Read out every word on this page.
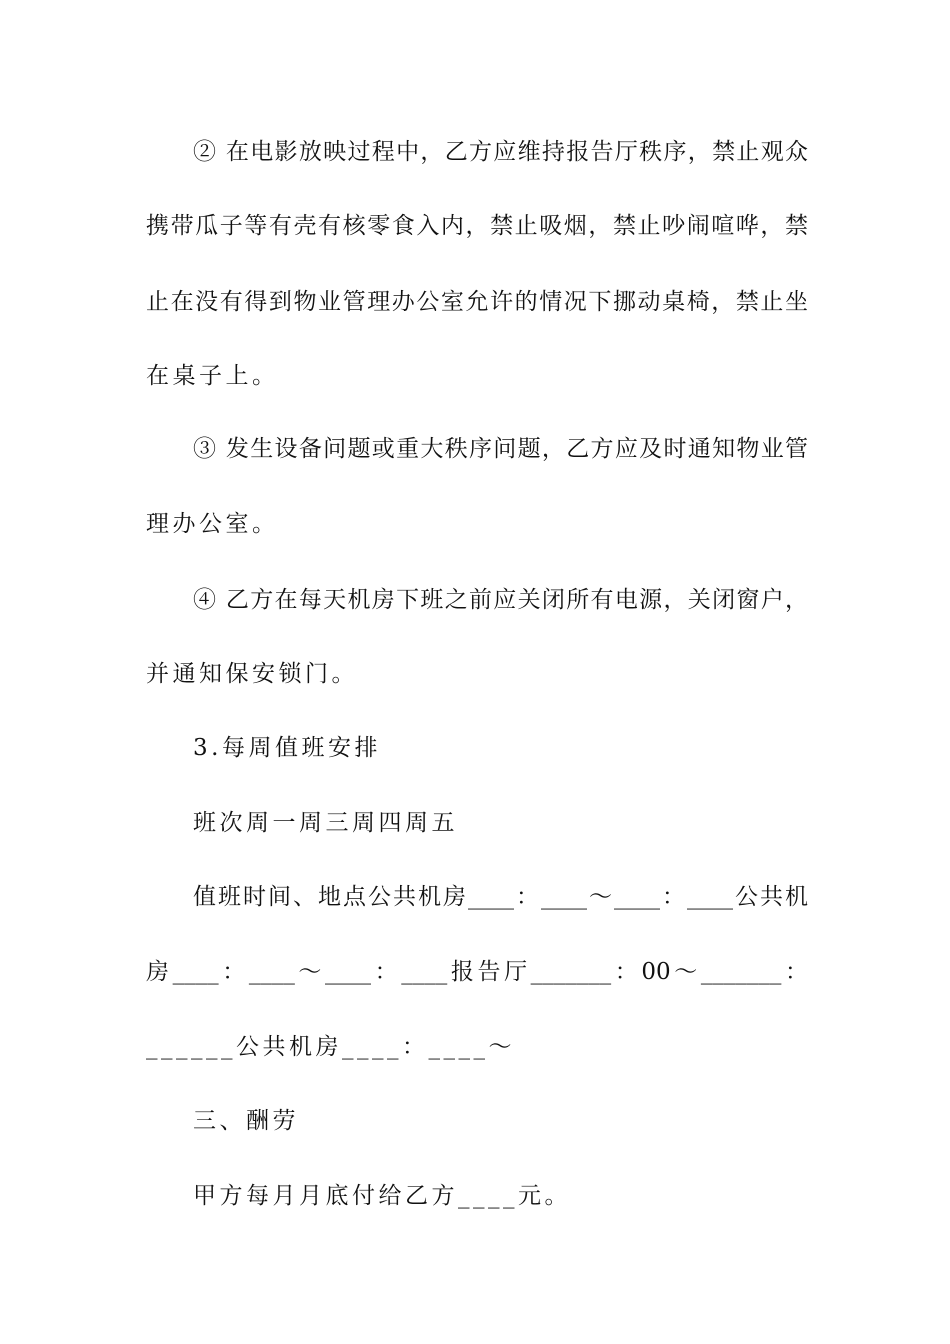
② 在电影放映过程中，乙方应维持报告厅秩序，禁止观众
携带瓜子等有壳有核零食入内，禁止吸烟，禁止吵闹喧哗，禁
止在没有得到物业管理办公室允许的情况下挪动桌椅，禁止坐
在桌子上。
③ 发生设备问题或重大秩序问题，乙方应及时通知物业管
理办公室。
④ 乙方在每天机房下班之前应关闭所有电源，关闭窗户，
并通知保安锁门。
3.每周值班安排
班次周一周三周四周五
值班时间、地点公共机房____：____～____：____公共机
房____：____～____：____报告厅_______：00～_______：
______公共机房____：____～
三、酬劳
甲方每月月底付给乙方____元。
